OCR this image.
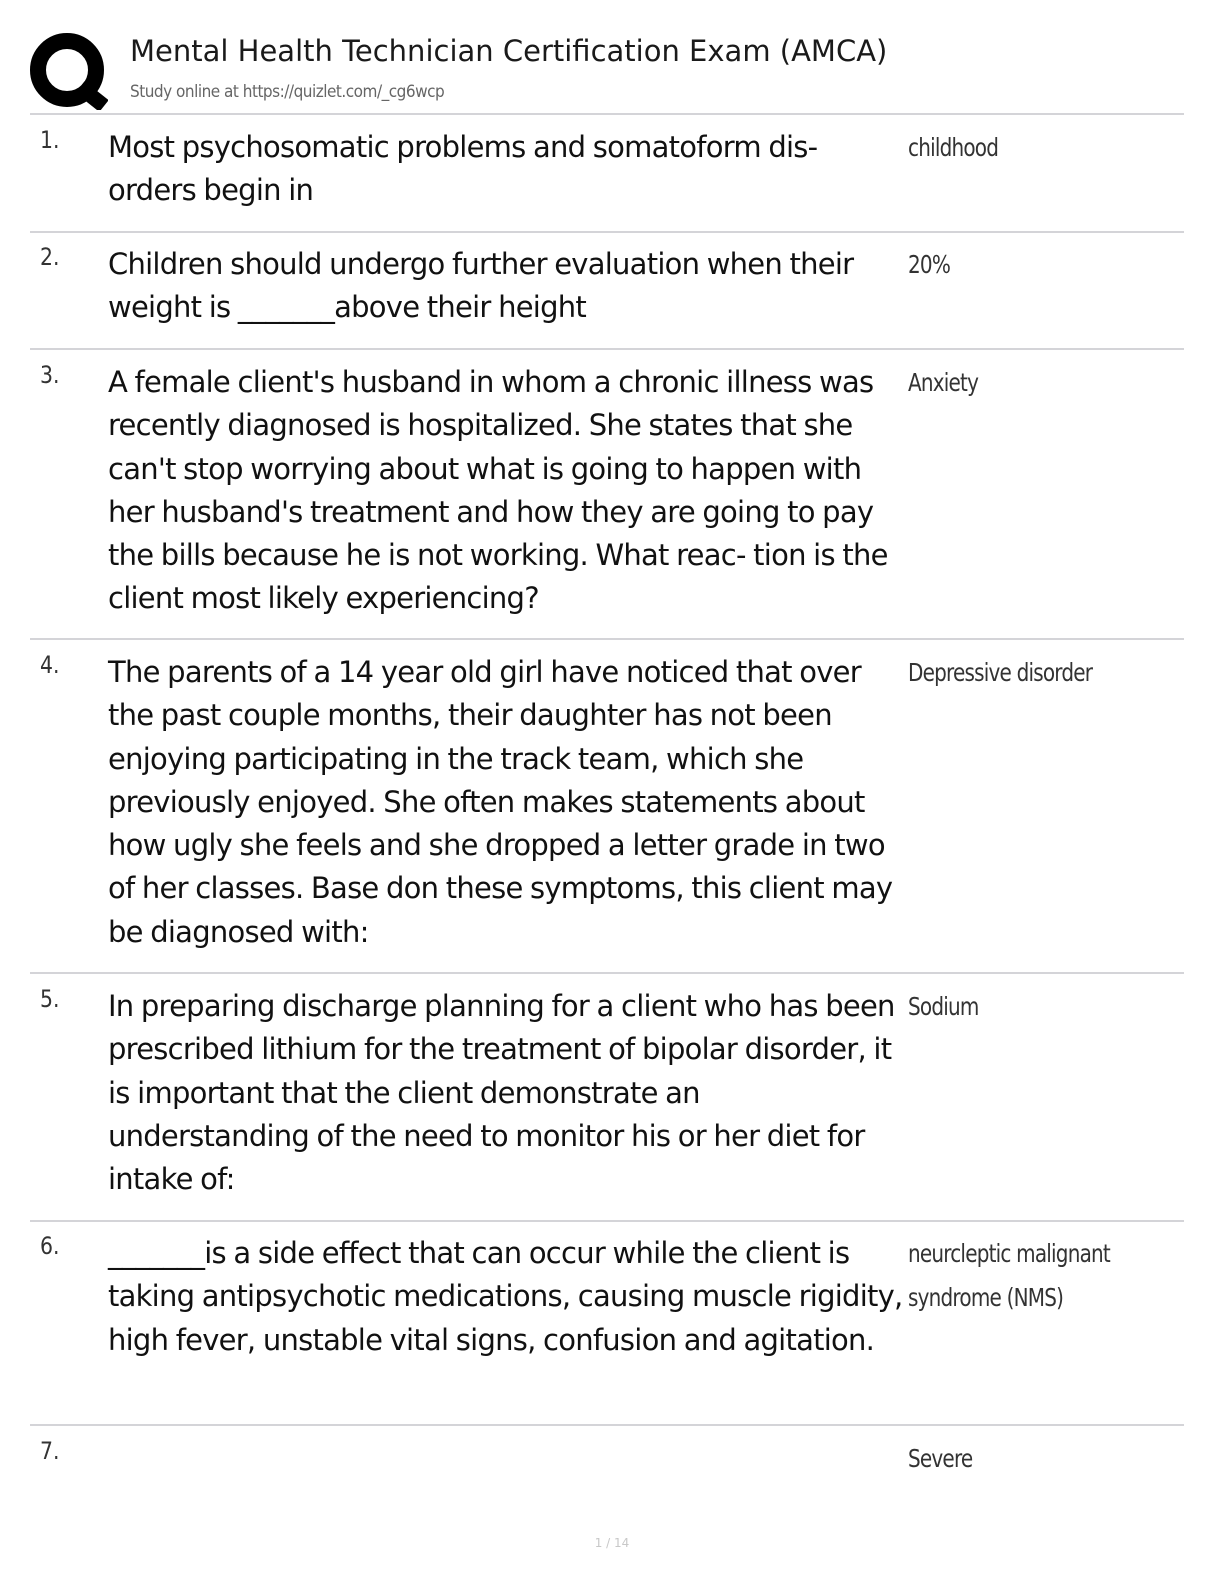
Mental Health Technician Certification Exam (AMCA)
Study online at https://quizlet.com/_cg6wcp
1. Most psychosomatic problems and somatoform dis- orders begin in
childhood
2. Children should undergo further evaluation when their weight is _______above their height
20%
3. A female client's husband in whom a chronic illness was recently diagnosed is hospitalized. She states that she can't stop worrying about what is going to happen with her husband's treatment and how they are going to pay the bills because he is not working. What reac- tion is the client most likely experiencing?
Anxiety
4. The parents of a 14 year old girl have noticed that over the past couple months, their daughter has not been enjoying participating in the track team, which she previously enjoyed. She often makes statements about how ugly she feels and she dropped a letter grade in two of her classes. Base don these symptoms, this client may be diagnosed with:
Depressive disorder
5. In preparing discharge planning for a client who has been prescribed lithium for the treatment of bipolar disorder, it is important that the client demonstrate an understanding of the need to monitor his or her diet for intake of:
Sodium
6. _______is a side effect that can occur while the client is taking antipsychotic medications, causing muscle rigidity, high fever, unstable vital signs, confusion and agitation.
neurcleptic malignant
syndrome (NMS)
7.	Severe
1 / 14
